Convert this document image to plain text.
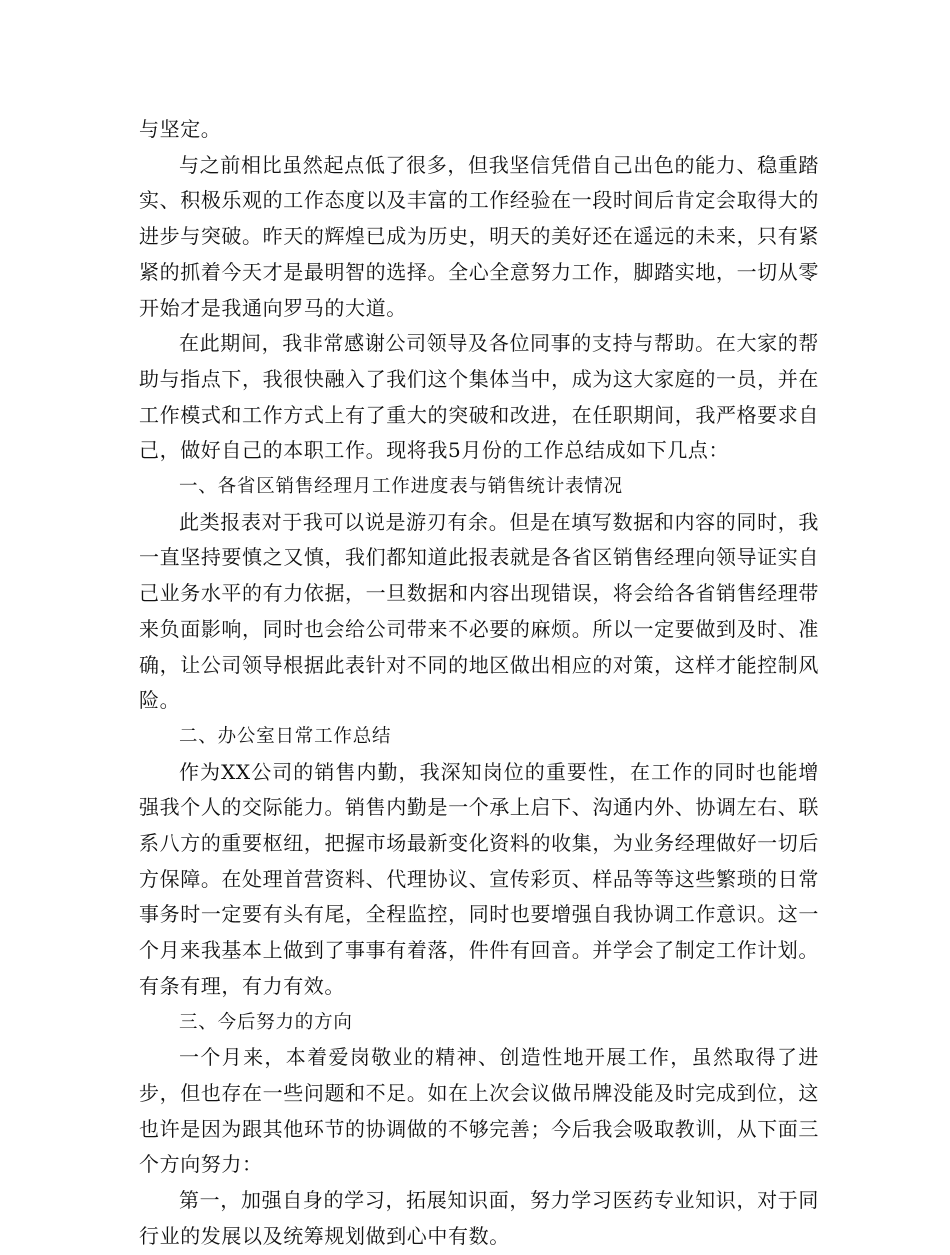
与坚定。

与之前相比虽然起点低了很多，但我坚信凭借自己出色的能力、稳重踏实、积极乐观的工作态度以及丰富的工作经验在一段时间后肯定会取得大的进步与突破。昨天的辉煌已成为历史，明天的美好还在遥远的未来，只有紧紧的抓着今天才是最明智的选择。全心全意努力工作，脚踏实地，一切从零开始才是我通向罗马的大道。

在此期间，我非常感谢公司领导及各位同事的支持与帮助。在大家的帮助与指点下，我很快融入了我们这个集体当中，成为这大家庭的一员，并在工作模式和工作方式上有了重大的突破和改进，在任职期间，我严格要求自己，做好自己的本职工作。现将我5月份的工作总结成如下几点：

一、各省区销售经理月工作进度表与销售统计表情况

此类报表对于我可以说是游刃有余。但是在填写数据和内容的同时，我一直坚持要慎之又慎，我们都知道此报表就是各省区销售经理向领导证实自己业务水平的有力依据，一旦数据和内容出现错误，将会给各省销售经理带来负面影响，同时也会给公司带来不必要的麻烦。所以一定要做到及时、准确，让公司领导根据此表针对不同的地区做出相应的对策，这样才能控制风险。

二、办公室日常工作总结

作为XX公司的销售内勤，我深知岗位的重要性，在工作的同时也能增强我个人的交际能力。销售内勤是一个承上启下、沟通内外、协调左右、联系八方的重要枢纽，把握市场最新变化资料的收集，为业务经理做好一切后方保障。在处理首营资料、代理协议、宣传彩页、样品等等这些繁琐的日常事务时一定要有头有尾，全程监控，同时也要增强自我协调工作意识。这一个月来我基本上做到了事事有着落，件件有回音。并学会了制定工作计划。有条有理，有力有效。

三、今后努力的方向

一个月来，本着爱岗敬业的精神、创造性地开展工作，虽然取得了进步，但也存在一些问题和不足。如在上次会议做吊牌没能及时完成到位，这也许是因为跟其他环节的协调做的不够完善；今后我会吸取教训，从下面三个方向努力：

第一，加强自身的学习，拓展知识面，努力学习医药专业知识，对于同行业的发展以及统筹规划做到心中有数。
